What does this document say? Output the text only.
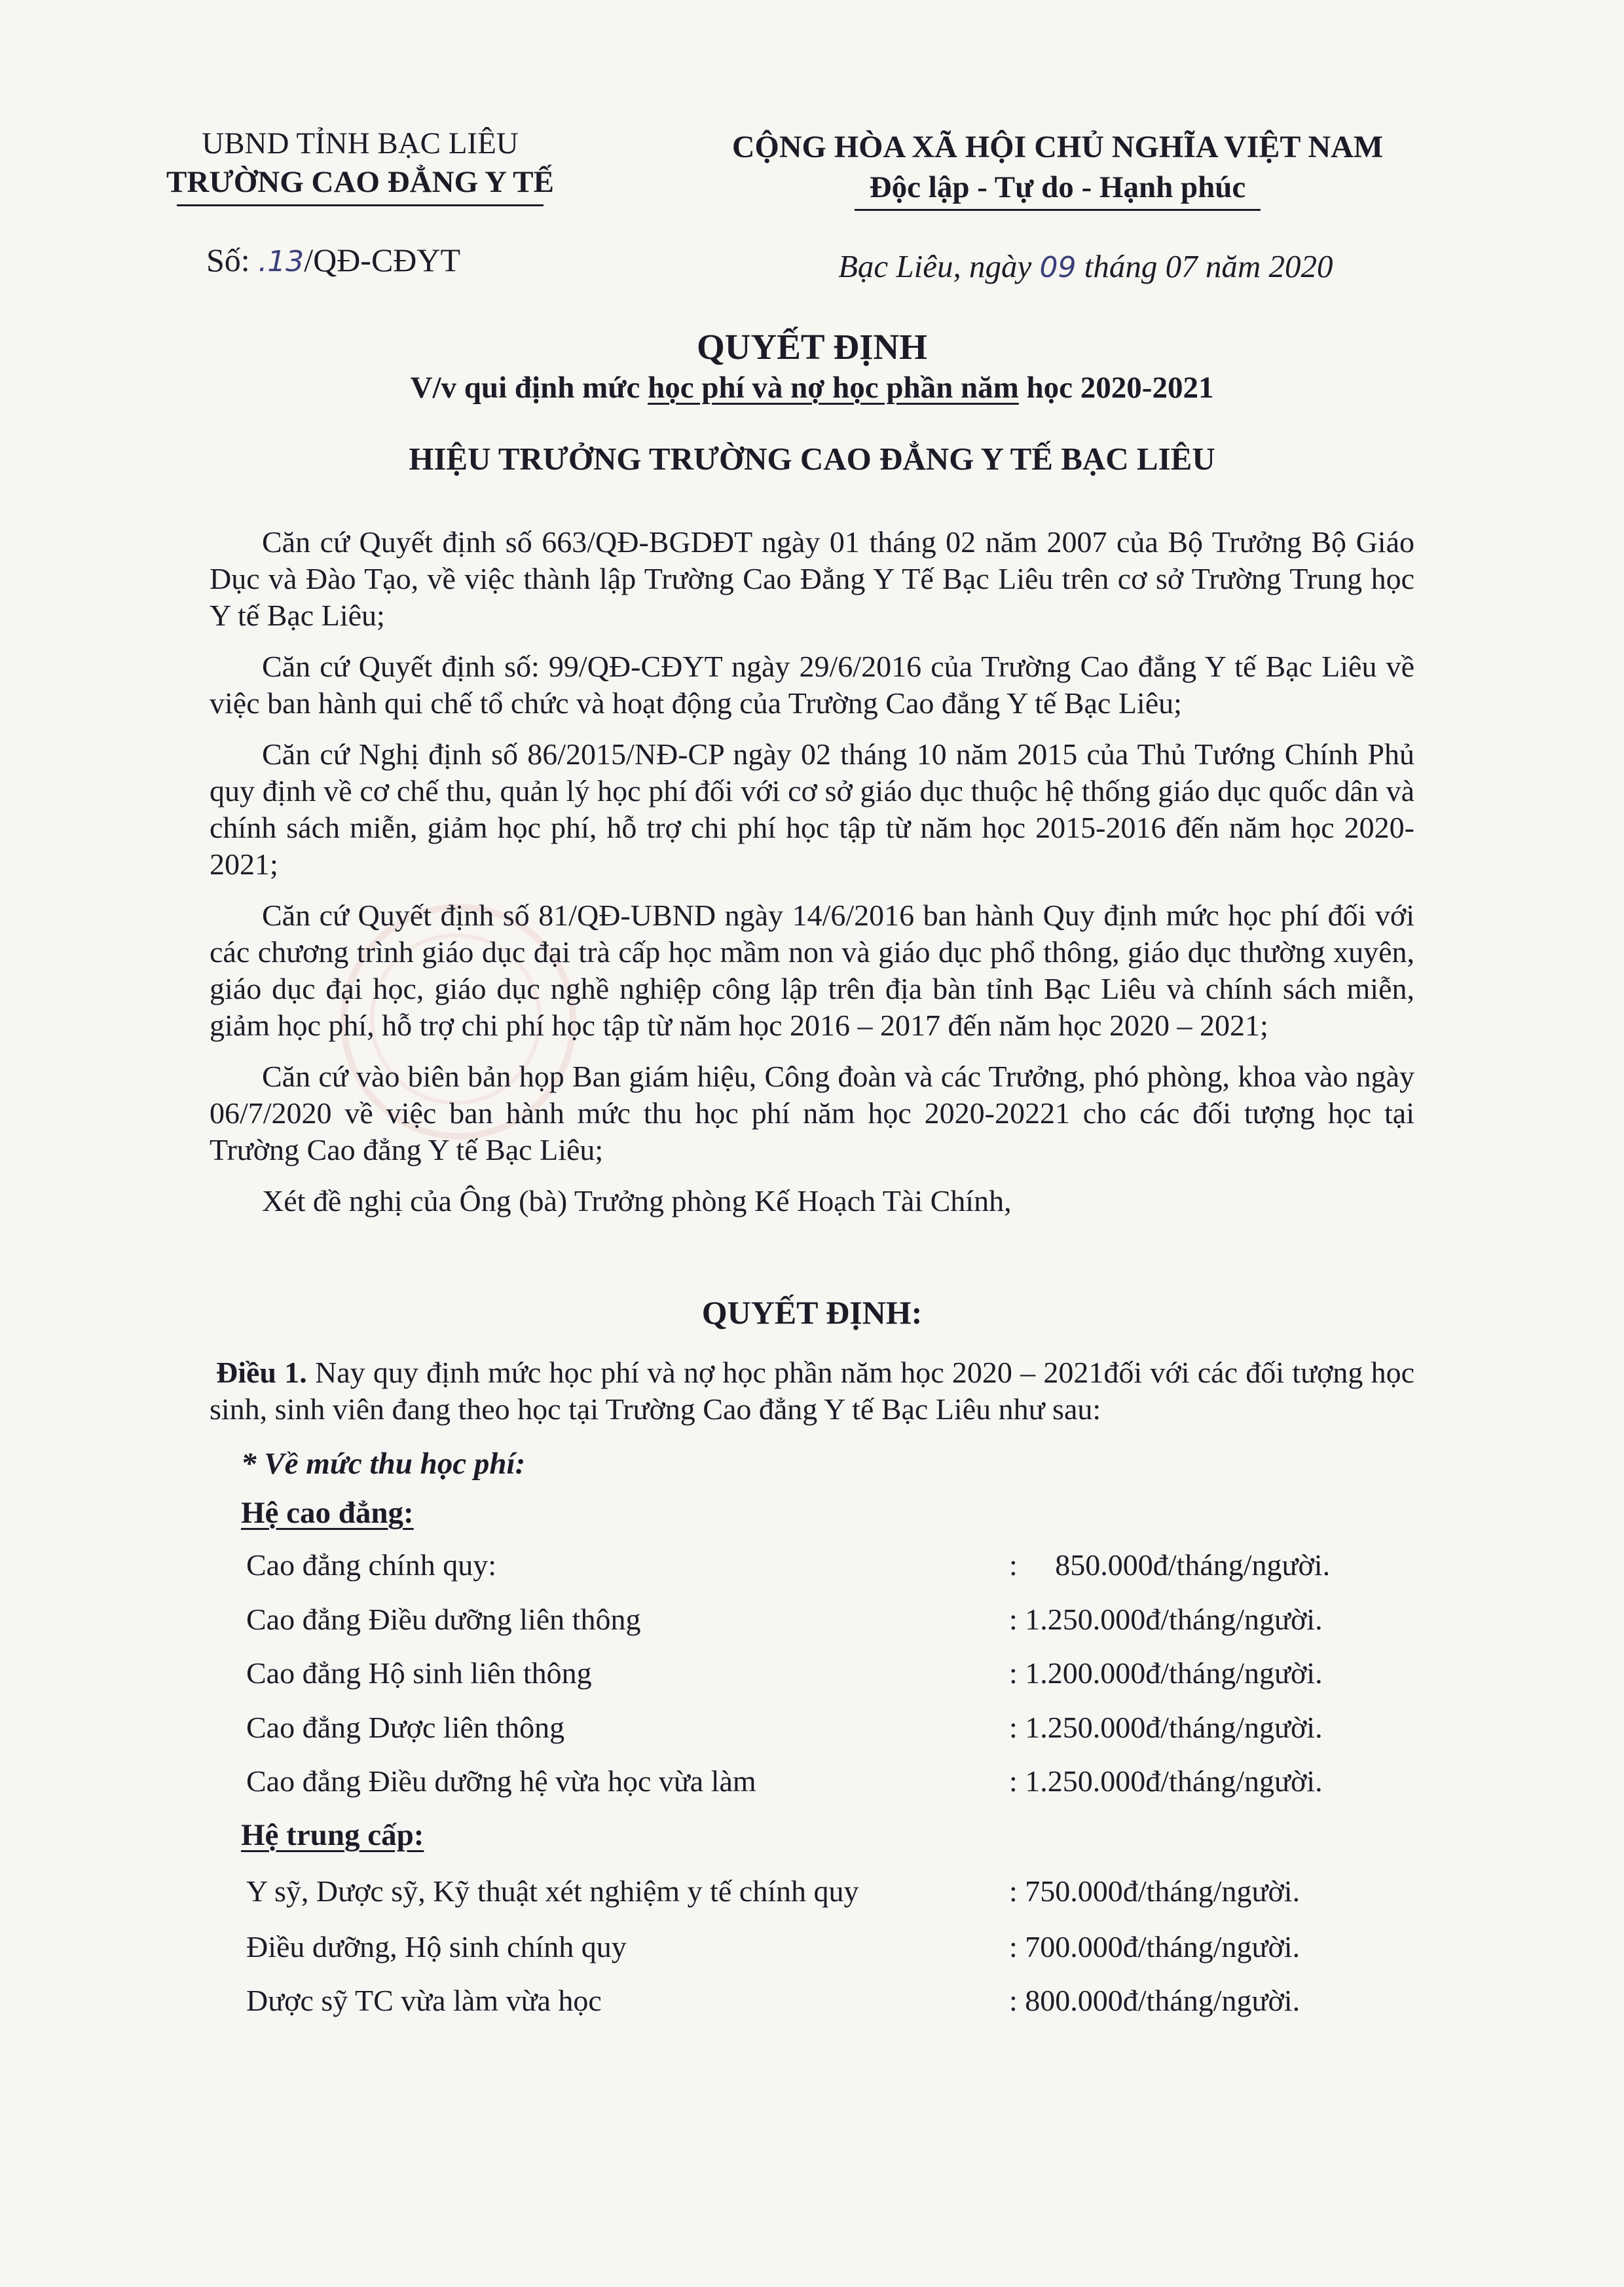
UBND TỈNH BẠC LIÊU
TRƯỜNG CAO ĐẲNG Y TẾ
CỘNG HÒA XÃ HỘI CHỦ NGHĨA VIỆT NAM
Độc lập - Tự do - Hạnh phúc
Số: .13/QĐ-CĐYT	Bạc Liêu, ngày 09 tháng 07 năm 2020
QUYẾT ĐỊNH
V/v qui định mức học phí và nợ học phần năm học 2020-2021
HIỆU TRƯỞNG TRƯỜNG CAO ĐẲNG Y TẾ BẠC LIÊU

Căn cứ Quyết định số 663/QĐ-BGDĐT ngày 01 tháng 02 năm 2007 của Bộ Trưởng Bộ Giáo Dục và Đào Tạo, về việc thành lập Trường Cao Đẳng Y Tế Bạc Liêu trên cơ sở Trường Trung học Y tế Bạc Liêu;

Căn cứ Quyết định số: 99/QĐ-CĐYT ngày 29/6/2016 của Trường Cao đẳng Y tế Bạc Liêu về việc ban hành qui chế tổ chức và hoạt động của Trường Cao đẳng Y tế Bạc Liêu;

Căn cứ Nghị định số 86/2015/NĐ-CP ngày 02 tháng 10 năm 2015 của Thủ Tướng Chính Phủ quy định về cơ chế thu, quản lý học phí đối với cơ sở giáo dục thuộc hệ thống giáo dục quốc dân và chính sách miễn, giảm học phí, hỗ trợ chi phí học tập từ năm học 2015-2016 đến năm học 2020-2021;

Căn cứ Quyết định số 81/QĐ-UBND ngày 14/6/2016 ban hành Quy định mức học phí đối với các chương trình giáo dục đại trà cấp học mầm non và giáo dục phổ thông, giáo dục thường xuyên, giáo dục đại học, giáo dục nghề nghiệp công lập trên địa bàn tỉnh Bạc Liêu và chính sách miễn, giảm học phí, hỗ trợ chi phí học tập từ năm học 2016 – 2017 đến năm học 2020 – 2021;

Căn cứ vào biên bản họp Ban giám hiệu, Công đoàn và các Trưởng, phó phòng, khoa vào ngày 06/7/2020 về việc ban hành mức thu học phí năm học 2020-20221 cho các đối tượng học tại Trường Cao đẳng Y tế Bạc Liêu;

Xét đề nghị của Ông (bà) Trưởng phòng Kế Hoạch Tài Chính,

QUYẾT ĐỊNH:
Điều 1. Nay quy định mức học phí và nợ học phần năm học 2020 – 2021đối với các đối tượng học sinh, sinh viên đang theo học tại Trường Cao đẳng Y tế Bạc Liêu như sau:
* Về mức thu học phí:
Hệ cao đẳng:
Cao đẳng chính quy:	:     850.000đ/tháng/người.
Cao đẳng Điều dưỡng liên thông	: 1.250.000đ/tháng/người.
Cao đẳng Hộ sinh liên thông	: 1.200.000đ/tháng/người.
Cao đẳng Dược liên thông	: 1.250.000đ/tháng/người.
Cao đẳng Điều dưỡng hệ vừa học vừa làm	: 1.250.000đ/tháng/người.
Hệ trung cấp:
Y sỹ, Dược sỹ, Kỹ thuật xét nghiệm y tế chính quy	: 750.000đ/tháng/người.
Điều dưỡng, Hộ sinh chính quy	: 700.000đ/tháng/người.
Dược sỹ TC vừa làm vừa học	: 800.000đ/tháng/người.
